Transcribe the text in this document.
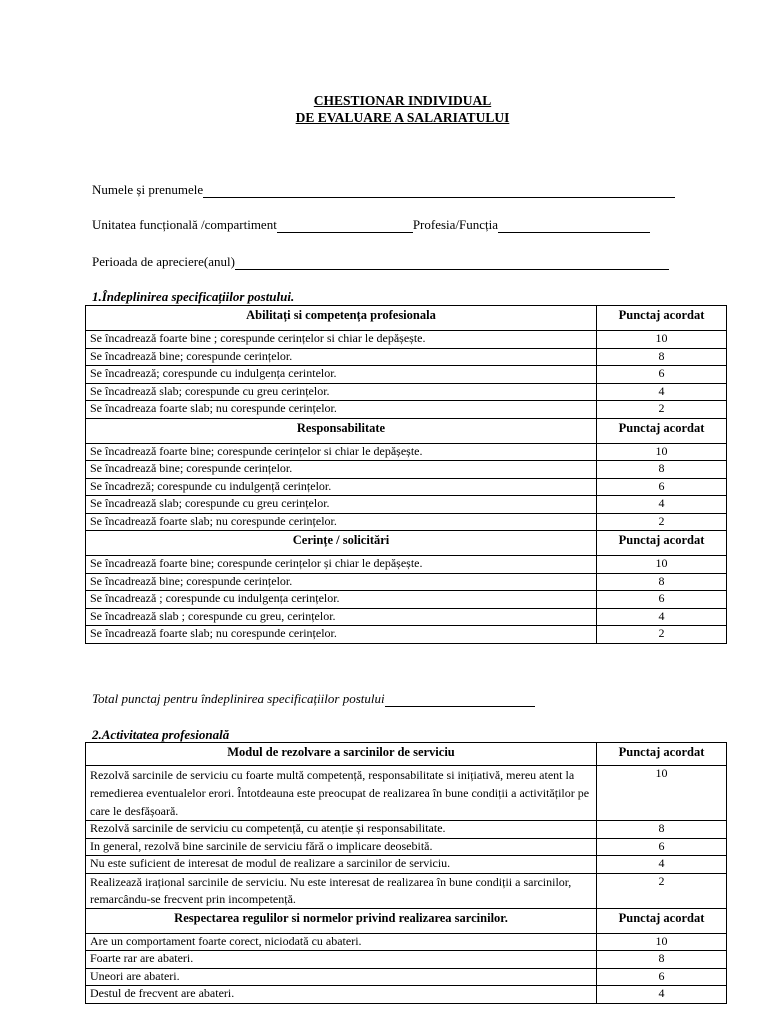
CHESTIONAR INDIVIDUAL
DE EVALUARE A SALARIATULUI
Numele și prenumele
Unitatea funcțională /compartiment	Profesia/Funcția
Perioada de apreciere(anul)
1.Îndeplinirea specificațiilor postului.
Abilitați si competența profesionala	Punctaj acordat
Se încadrează foarte bine ; corespunde cerințelor si chiar le depășește.	10
Se încadrează bine; corespunde cerințelor.	8
Se încadrează; corespunde cu indulgența cerintelor.	6
Se încadrează slab; corespunde cu greu cerințelor.	4
Se încadreaza foarte slab; nu corespunde cerințelor.	2
Responsabilitate	Punctaj acordat
Se încadrează foarte bine; corespunde cerințelor si chiar le depășește.	10
Se încadrează bine; corespunde cerințelor.	8
Se încadreză; corespunde cu indulgență cerințelor.	6
Se încadrează slab; corespunde cu greu cerințelor.	4
Se încadrează foarte slab; nu corespunde cerințelor.	2
Cerințe / solicitări	Punctaj acordat
Se încadrează foarte bine; corespunde cerințelor și chiar le depășește.	10
Se încadrează bine; corespunde cerințelor.	8
Se încadrează ; corespunde cu indulgența cerințelor.	6
Se încadrează slab ; corespunde cu greu, cerințelor.	4
Se încadrează foarte slab; nu corespunde cerințelor.	2
Total punctaj pentru îndeplinirea specificațiilor postului
2.Activitatea profesională
Modul de rezolvare a sarcinilor de serviciu	Punctaj acordat
Rezolvă sarcinile de serviciu cu foarte multă competență, responsabilitate si inițiativă, mereu atent la remedierea eventualelor erori. Întotdeauna este preocupat de realizarea în bune condiții a activităților pe care le desfășoară.	10
Rezolvă sarcinile de serviciu cu competență, cu atenție și responsabilitate.	8
In general, rezolvă bine sarcinile de serviciu fără o implicare deosebită.	6
Nu este suficient de interesat de modul de realizare a sarcinilor de serviciu.	4
Realizează irațional sarcinile de serviciu. Nu este interesat de realizarea în bune condiții a sarcinilor, remarcându-se frecvent prin incompetență.	2
Respectarea regulilor si normelor privind realizarea sarcinilor.	Punctaj acordat
Are un comportament foarte corect, niciodată cu abateri.	10
Foarte rar are abateri.	8
Uneori are abateri.	6
Destul de frecvent are abateri.	4
